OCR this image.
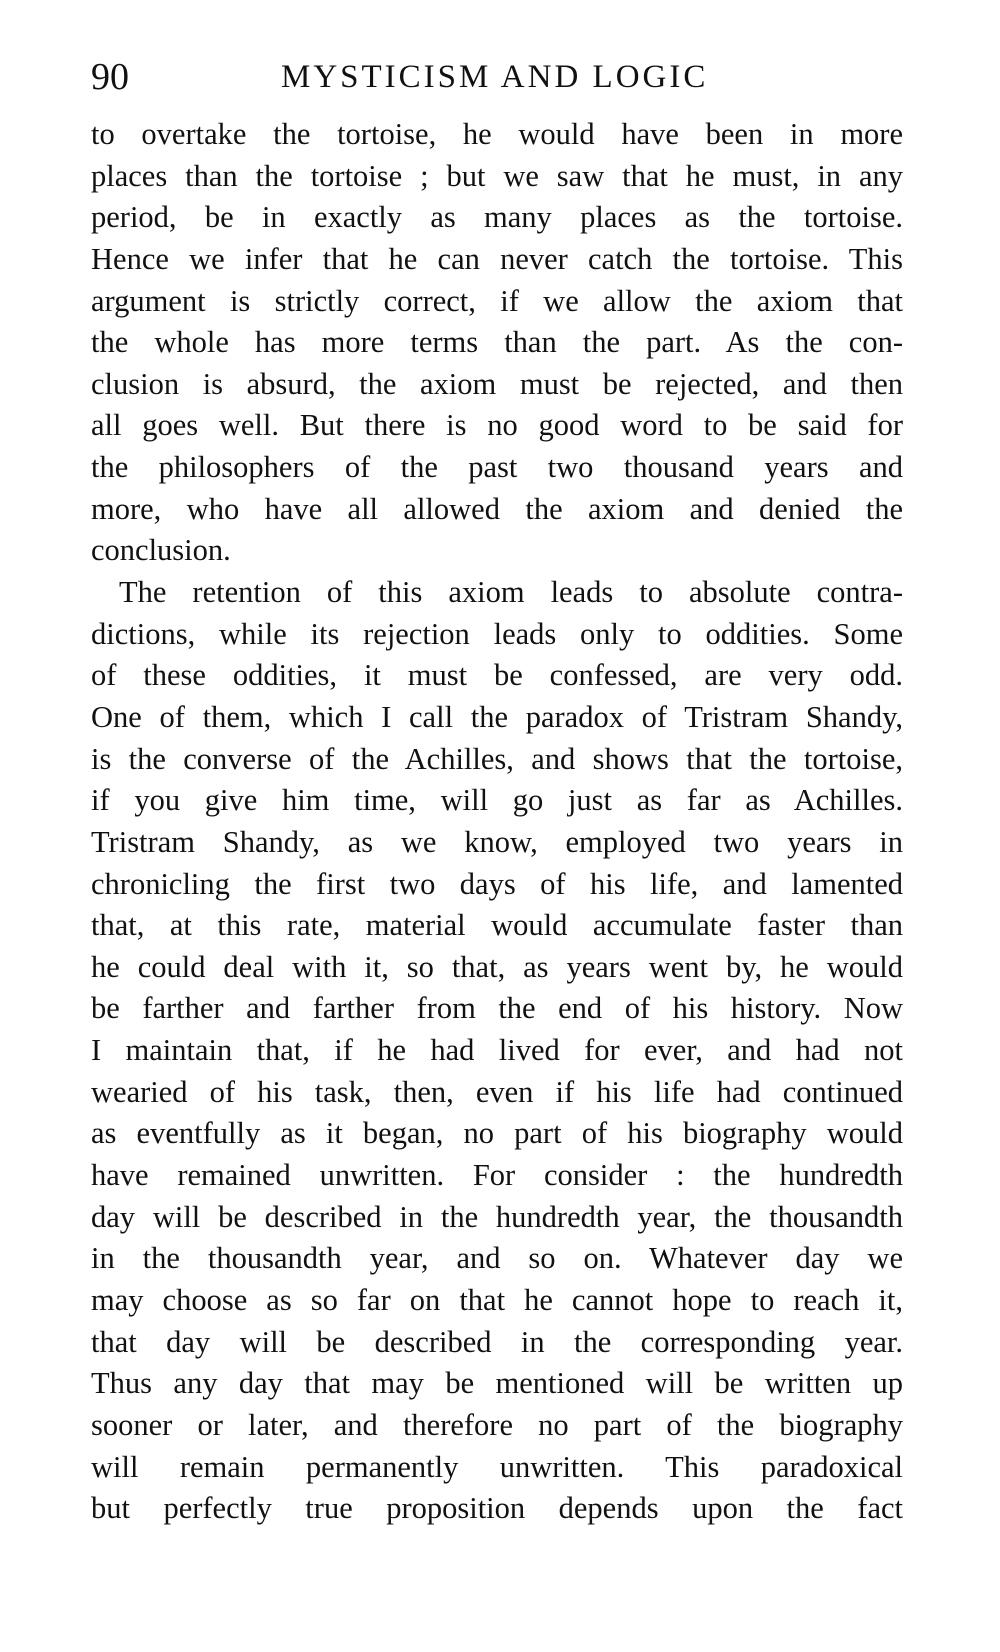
90	MYSTICISM AND LOGIC
to overtake the tortoise, he would have been in more
places than the tortoise ; but we saw that he must, in any
period, be in exactly as many places as the tortoise.
Hence we infer that he can never catch the tortoise. This
argument is strictly correct, if we allow the axiom that
the whole has more terms than the part. As the con-
clusion is absurd, the axiom must be rejected, and then
all goes well. But there is no good word to be said for
the philosophers of the past two thousand years and
more, who have all allowed the axiom and denied the
conclusion.
The retention of this axiom leads to absolute contra-
dictions, while its rejection leads only to oddities. Some
of these oddities, it must be confessed, are very odd.
One of them, which I call the paradox of Tristram Shandy,
is the converse of the Achilles, and shows that the tortoise,
if you give him time, will go just as far as Achilles.
Tristram Shandy, as we know, employed two years in
chronicling the first two days of his life, and lamented
that, at this rate, material would accumulate faster than
he could deal with it, so that, as years went by, he would
be farther and farther from the end of his history. Now
I maintain that, if he had lived for ever, and had not
wearied of his task, then, even if his life had continued
as eventfully as it began, no part of his biography would
have remained unwritten. For consider : the hundredth
day will be described in the hundredth year, the thousandth
in the thousandth year, and so on. Whatever day we
may choose as so far on that he cannot hope to reach it,
that day will be described in the corresponding year.
Thus any day that may be mentioned will be written up
sooner or later, and therefore no part of the biography
will remain permanently unwritten. This paradoxical
but perfectly true proposition depends upon the fact
